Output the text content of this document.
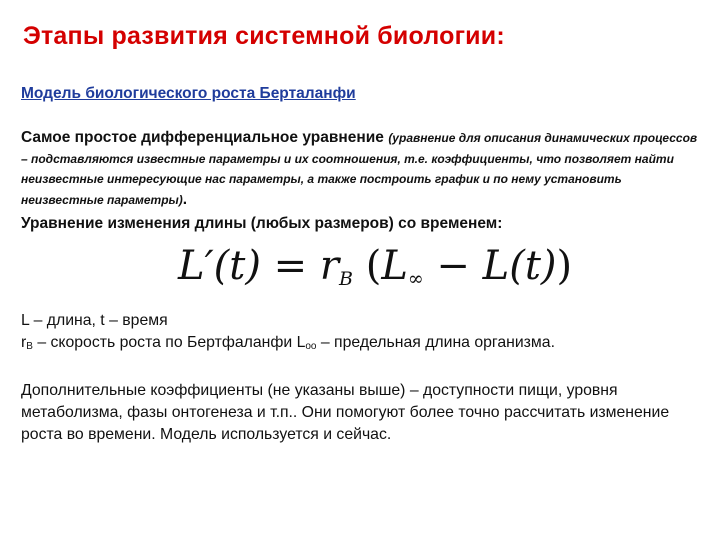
Этапы развития системной биологии:
Модель биологического роста Берталанфи
Самое простое дифференциальное уравнение (уравнение для описания динамических процессов – подставляются известные параметры и их соотношения, т.е. коэффициенты, что позволяет найти неизвестные интересующие нас параметры, а также построить график и по нему установить неизвестные параметры).
Уравнение изменения длины (любых размеров) со временем:
$L'(t) = r_B$ $(L_\infty - L(t))$

L – длина, t – время

$r_B$ – скорость роста по Бертфаланфи $L_{oo}$ – предельная длина организма.

Дополнительные коэффициенты (не указаны выше) – доступности пищи, уровня метаболизма, фазы онтогенеза и т.п.. Они помогуют более точно рассчитать изменение роста во времени. Модель используется и сейчас.
